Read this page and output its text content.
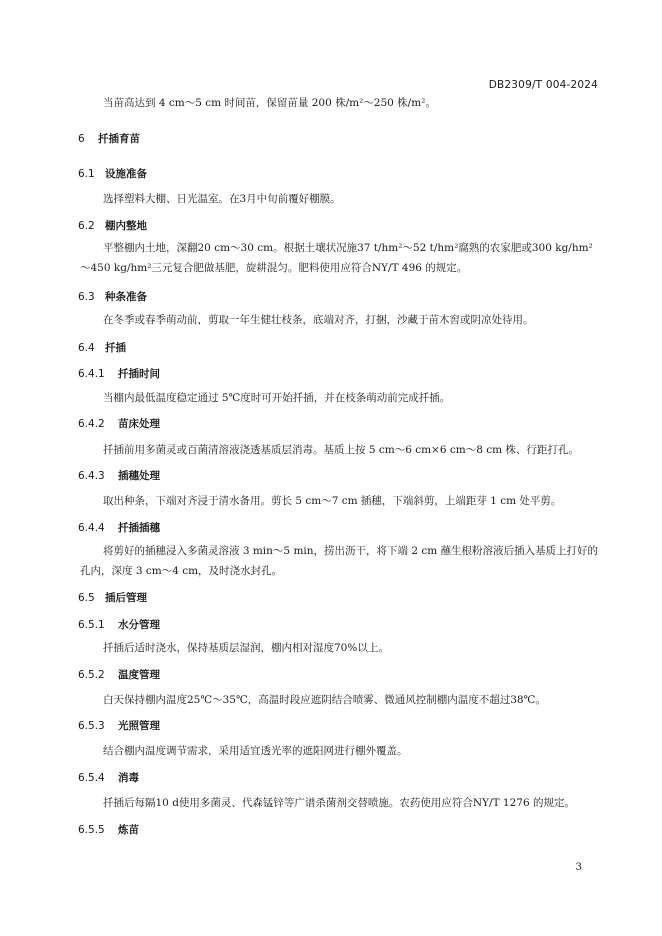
DB2309/T 004-2024

当苗高达到 4 cm～5 cm 时间苗，保留苗量 200 株/m²～250 株/m²。

6 扦插育苗
6.1 设施准备

选择塑料大棚、日光温室。在3月中旬前覆好棚膜。

6.2 棚内整地

平整棚内土地，深翻20 cm～30 cm。根据土壤状况施37 t/hm²～52 t/hm²腐熟的农家肥或300 kg/hm²～450 kg/hm²三元复合肥做基肥，旋耕混匀。肥料使用应符合NY/T 496 的规定。

6.3 种条准备

在冬季或春季萌动前，剪取一年生健壮枝条，底端对齐，打捆，沙藏于苗木窖或阴凉处待用。

6.4 扦插
6.4.1 扦插时间

当棚内最低温度稳定通过 5℃度时可开始扦插，并在枝条萌动前完成扦插。

6.4.2 苗床处理

扦插前用多菌灵或百菌清溶液浇透基质层消毒。基质上按 5 cm～6 cm×6 cm～8 cm 株、行距打孔。

6.4.3 插穗处理

取出种条，下端对齐浸于清水备用。剪长 5 cm～7 cm 插穗，下端斜剪，上端距芽 1 cm 处平剪。

6.4.4 扦插插穗

将剪好的插穗浸入多菌灵溶液 3 min～5 min，捞出沥干，将下端 2 cm 蘸生根粉溶液后插入基质上打好的孔内，深度 3 cm～4 cm，及时浇水封孔。

6.5 插后管理
6.5.1 水分管理

扦插后适时浇水，保持基质层湿润，棚内相对湿度70%以上。

6.5.2 温度管理

白天保持棚内温度25℃～35℃，高温时段应遮阴结合喷雾、微通风控制棚内温度不超过38℃。

6.5.3 光照管理

结合棚内温度调节需求，采用适宜透光率的遮阳网进行棚外覆盖。

6.5.4 消毒

扦插后每隔10 d使用多菌灵、代森锰锌等广谱杀菌剂交替喷施。农药使用应符合NY/T 1276 的规定。

6.5.5 炼苗
3
